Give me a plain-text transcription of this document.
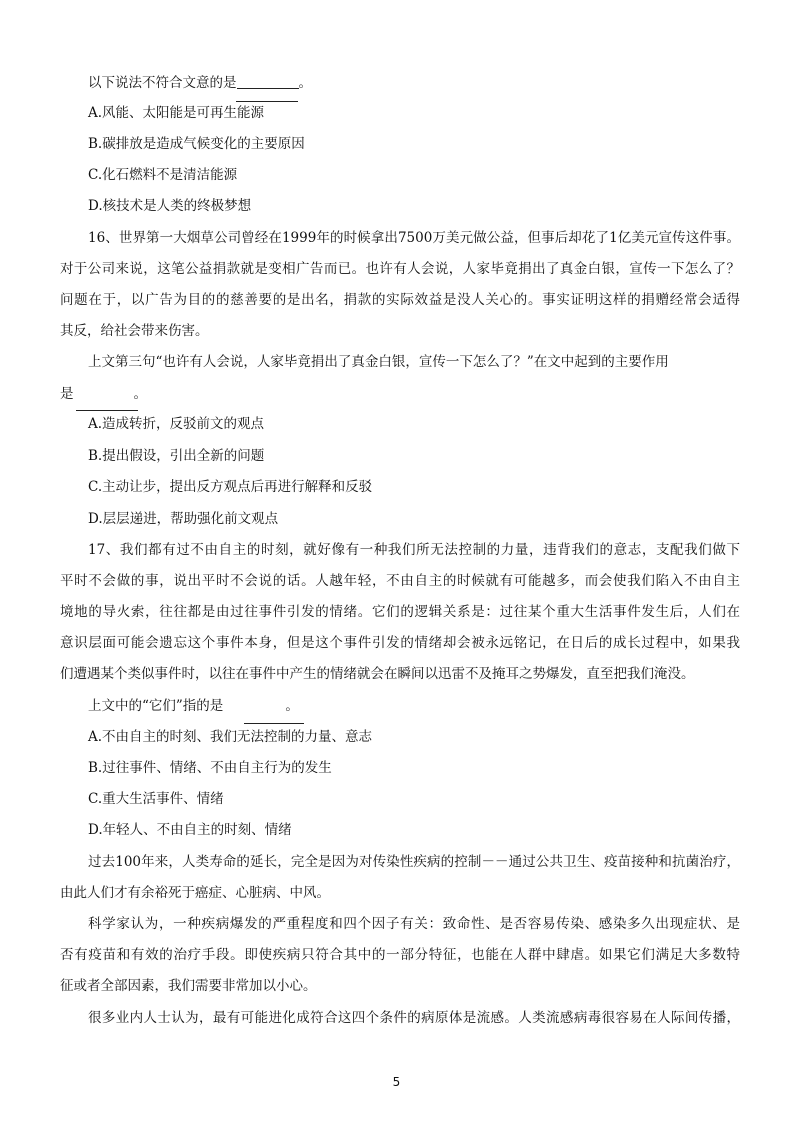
以下说法不符合文意的是	。
A.风能、太阳能是可再生能源
B.碳排放是造成气候变化的主要原因
C.化石燃料不是清洁能源
D.核技术是人类的终极梦想
16、世界第一大烟草公司曾经在1999年的时候拿出7500万美元做公益，但事后却花了1亿美元宣传这件事。
对于公司来说，这笔公益捐款就是变相广告而已。也许有人会说，人家毕竟捐出了真金白银，宣传一下怎么了？
问题在于，以广告为目的的慈善要的是出名，捐款的实际效益是没人关心的。事实证明这样的捐赠经常会适得
其反，给社会带来伤害。
上文第三句“也许有人会说，人家毕竟捐出了真金白银，宣传一下怎么了？”在文中起到的主要作用
是	。
A.造成转折，反驳前文的观点
B.提出假设，引出全新的问题
C.主动让步，提出反方观点后再进行解释和反驳
D.层层递进，帮助强化前文观点
17、我们都有过不由自主的时刻，就好像有一种我们所无法控制的力量，违背我们的意志，支配我们做下
平时不会做的事，说出平时不会说的话。人越年轻，不由自主的时候就有可能越多，而会使我们陷入不由自主
境地的导火索，往往都是由过往事件引发的情绪。它们的逻辑关系是：过往某个重大生活事件发生后，人们在
意识层面可能会遗忘这个事件本身，但是这个事件引发的情绪却会被永远铭记，在日后的成长过程中，如果我
们遭遇某个类似事件时，以往在事件中产生的情绪就会在瞬间以迅雷不及掩耳之势爆发，直至把我们淹没。
上文中的“它们”指的是	。
A.不由自主的时刻、我们无法控制的力量、意志
B.过往事件、情绪、不由自主行为的发生
C.重大生活事件、情绪
D.年轻人、不由自主的时刻、情绪
过去100年来，人类寿命的延长，完全是因为对传染性疾病的控制－－通过公共卫生、疫苗接种和抗菌治疗，
由此人们才有余裕死于癌症、心脏病、中风。
科学家认为，一种疾病爆发的严重程度和四个因子有关：致命性、是否容易传染、感染多久出现症状、是
否有疫苗和有效的治疗手段。即使疾病只符合其中的一部分特征，也能在人群中肆虐。如果它们满足大多数特
征或者全部因素，我们需要非常加以小心。
很多业内人士认为，最有可能进化成符合这四个条件的病原体是流感。人类流感病毒很容易在人际间传播，
5
